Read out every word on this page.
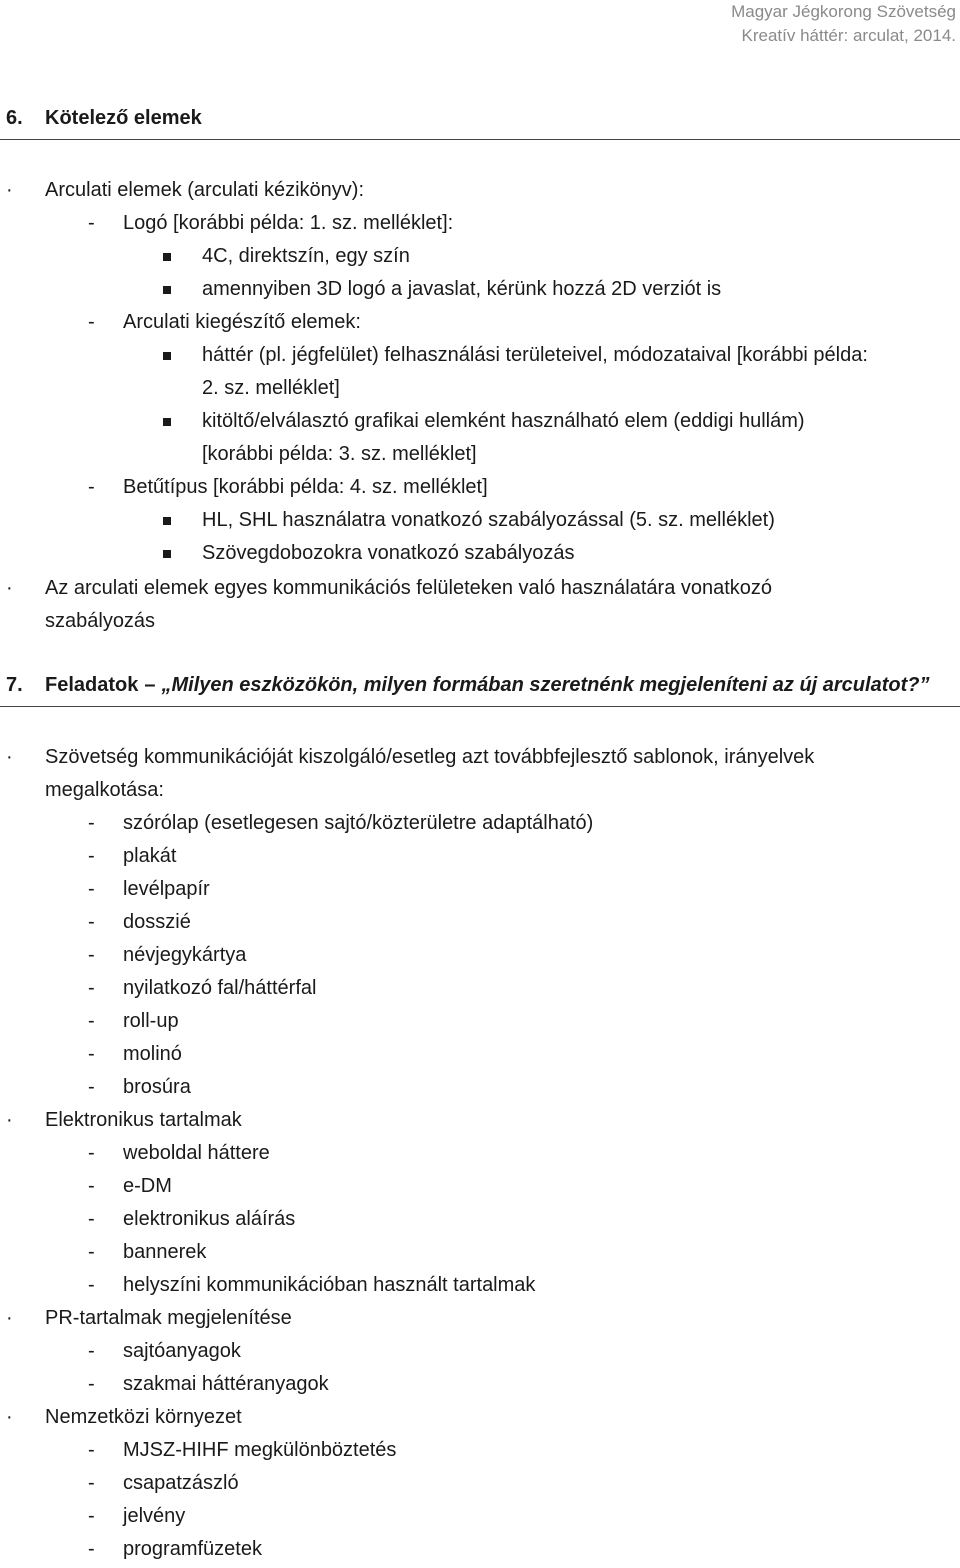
Magyar Jégkorong Szövetség
Kreatív háttér: arculat, 2014.
6. Kötelező elemek
· Arculati elemek (arculati kézikönyv):
- Logó [korábbi példa: 1. sz. melléklet]:
4C, direktszín, egy szín
amennyiben 3D logó a javaslat, kérünk hozzá 2D verziót is
- Arculati kiegészítő elemek:
háttér (pl. jégfelület) felhasználási területeivel, módozataival [korábbi példa:
2. sz. melléklet]
kitöltő/elválasztó grafikai elemként használható elem (eddigi hullám)
[korábbi példa: 3. sz. melléklet]
- Betűtípus [korábbi példa: 4. sz. melléklet]
HL, SHL használatra vonatkozó szabályozással (5. sz. melléklet)
Szövegdobozokra vonatkozó szabályozás
· Az arculati elemek egyes kommunikációs felületeken való használatára vonatkozó
szabályozás
7. Feladatok – „Milyen eszközökön, milyen formában szeretnénk megjeleníteni az új arculatot?”
· Szövetség kommunikációját kiszolgáló/esetleg azt továbbfejlesztő sablonok, irányelvek
megalkotása:
- szórólap (esetlegesen sajtó/közterületre adaptálható)
- plakát
- levélpapír
- dosszié
- névjegykártya
- nyilatkozó fal/háttérfal
- roll-up
- molinó
- brosúra
· Elektronikus tartalmak
- weboldal háttere
- e-DM
- elektronikus aláírás
- bannerek
- helyszíni kommunikációban használt tartalmak
· PR-tartalmak megjelenítése
- sajtóanyagok
- szakmai háttéranyagok
· Nemzetközi környezet
- MJSZ-HIHF megkülönböztetés
- csapatzászló
- jelvény
- programfüzetek
